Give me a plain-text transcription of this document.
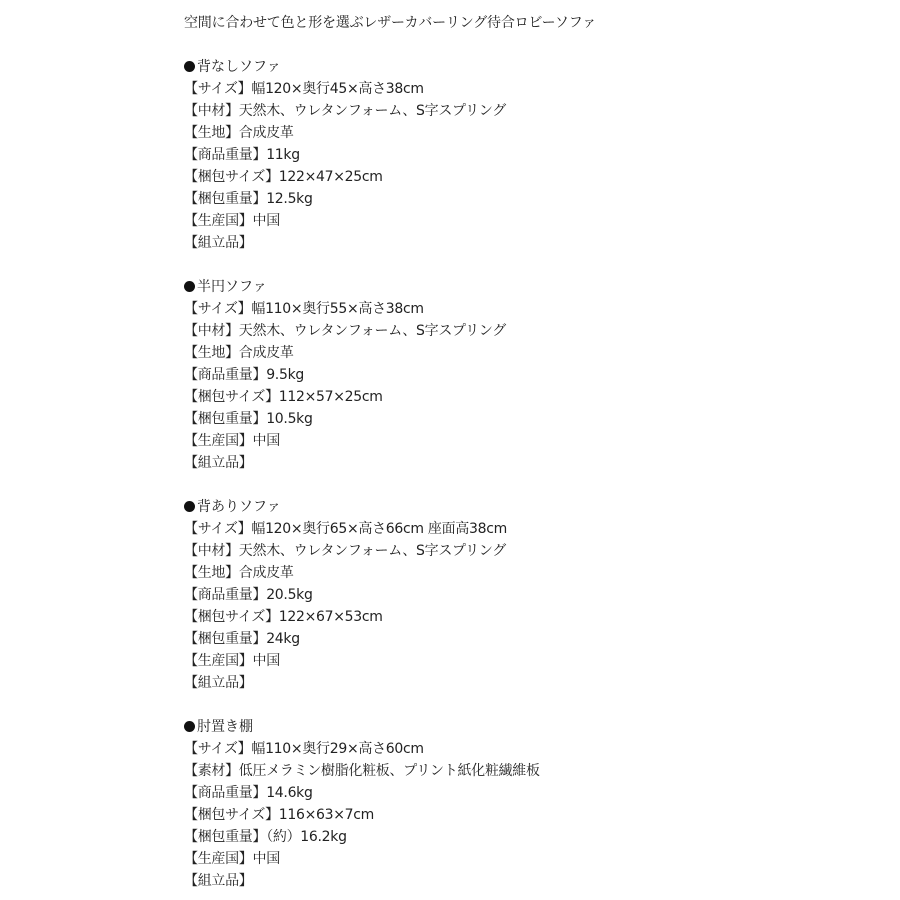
空間に合わせて色と形を選ぶレザーカバーリング待合ロビーソファ
背なしソファ
【サイズ】幅120×奥行45×高さ38cm
【中材】天然木、ウレタンフォーム、S字スプリング
【生地】合成皮革
【商品重量】11kg
【梱包サイズ】122×47×25cm
【梱包重量】12.5kg
【生産国】中国
【組立品】
半円ソファ
【サイズ】幅110×奥行55×高さ38cm
【中材】天然木、ウレタンフォーム、S字スプリング
【生地】合成皮革
【商品重量】9.5kg
【梱包サイズ】112×57×25cm
【梱包重量】10.5kg
【生産国】中国
【組立品】
背ありソファ
【サイズ】幅120×奥行65×高さ66cm 座面高38cm
【中材】天然木、ウレタンフォーム、S字スプリング
【生地】合成皮革
【商品重量】20.5kg
【梱包サイズ】122×67×53cm
【梱包重量】24kg
【生産国】中国
【組立品】
肘置き棚
【サイズ】幅110×奥行29×高さ60cm
【素材】低圧メラミン樹脂化粧板、プリント紙化粧繊維板
【商品重量】14.6kg
【梱包サイズ】116×63×7cm
【梱包重量】（約）16.2kg
【生産国】中国
【組立品】
